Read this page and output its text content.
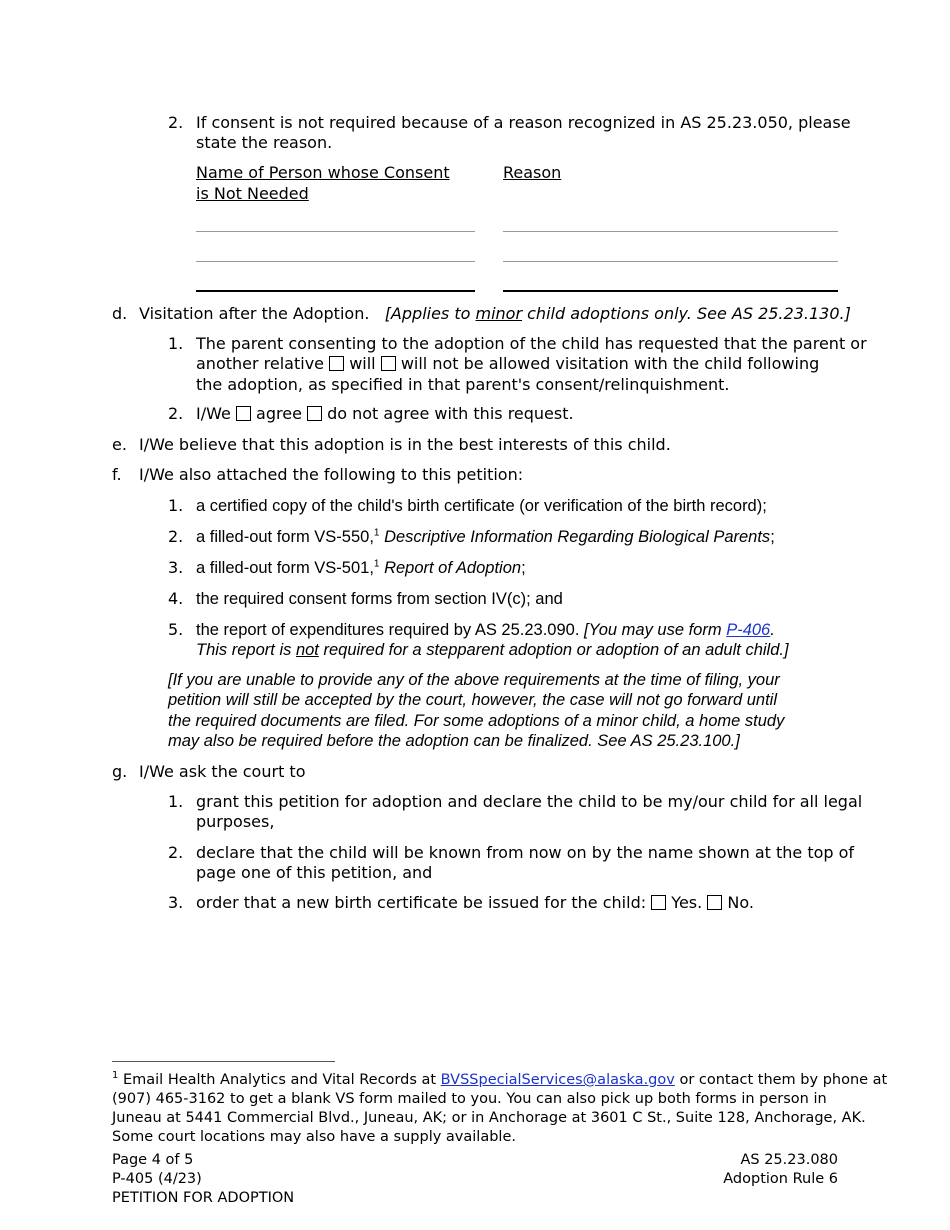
2. If consent is not required because of a reason recognized in AS 25.23.050, please
state the reason.
Name of Person whose Consent
is Not Needed
Reason
d. Visitation after the Adoption. [Applies to minor child adoptions only. See AS 25.23.130.]
1. The parent consenting to the adoption of the child has requested that the parent or
another relative will will not be allowed visitation with the child following
the adoption, as specified in that parent's consent/relinquishment.
2. I/We agree do not agree with this request.
e. I/We believe that this adoption is in the best interests of this child.
f. I/We also attached the following to this petition:
1. a certified copy of the child's birth certificate (or verification of the birth record);
2. a filled-out form VS-550,$^1$ Descriptive Information Regarding Biological Parents;
3. a filled-out form VS-501,$^1$ Report of Adoption;
4. the required consent forms from section IV(c); and
5. the report of expenditures required by AS 25.23.090. [You may use form P-406.
This report is not required for a stepparent adoption or adoption of an adult child.]
[If you are unable to provide any of the above requirements at the time of filing, your
petition will still be accepted by the court, however, the case will not go forward until
the required documents are filed. For some adoptions of a minor child, a home study
may also be required before the adoption can be finalized. See AS 25.23.100.]
g. I/We ask the court to
1. grant this petition for adoption and declare the child to be my/our child for all legal
purposes,
2. declare that the child will be known from now on by the name shown at the top of
page one of this petition, and
3. order that a new birth certificate be issued for the child: Yes. No.
$^1$ Email Health Analytics and Vital Records at BVSSpecialServices@alaska.gov or contact them by phone at
(907) 465-3162 to get a blank VS form mailed to you. You can also pick up both forms in person in
Juneau at 5441 Commercial Blvd., Juneau, AK; or in Anchorage at 3601 C St., Suite 128, Anchorage, AK.
Some court locations may also have a supply available.
Page 4 of 5
P-405 (4/23)
PETITION FOR ADOPTION
AS 25.23.080
Adoption Rule 6
